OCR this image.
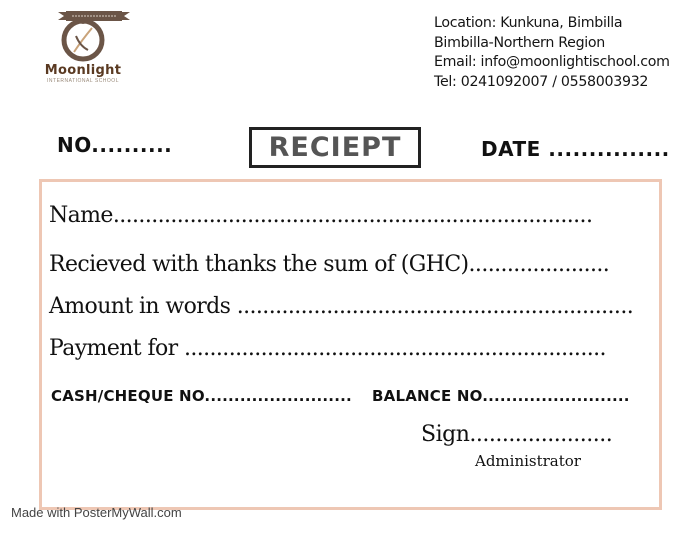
Moonlight
INTERNATIONAL SCHOOL
Location: Kunkuna, Bimbilla
Bimbilla-Northern Region
Email: info@moonlightischool.com
Tel: 0241092007 / 0558003932
NO..........	RECIEPT	DATE ...............
Name...........................................................................
Recieved with thanks the sum of (GHC)......................
Amount in words ..............................................................
Payment for ..................................................................
CASH/CHEQUE NO......................... BALANCE NO.........................
Sign......................
Administrator
Made with PosterMyWall.com
